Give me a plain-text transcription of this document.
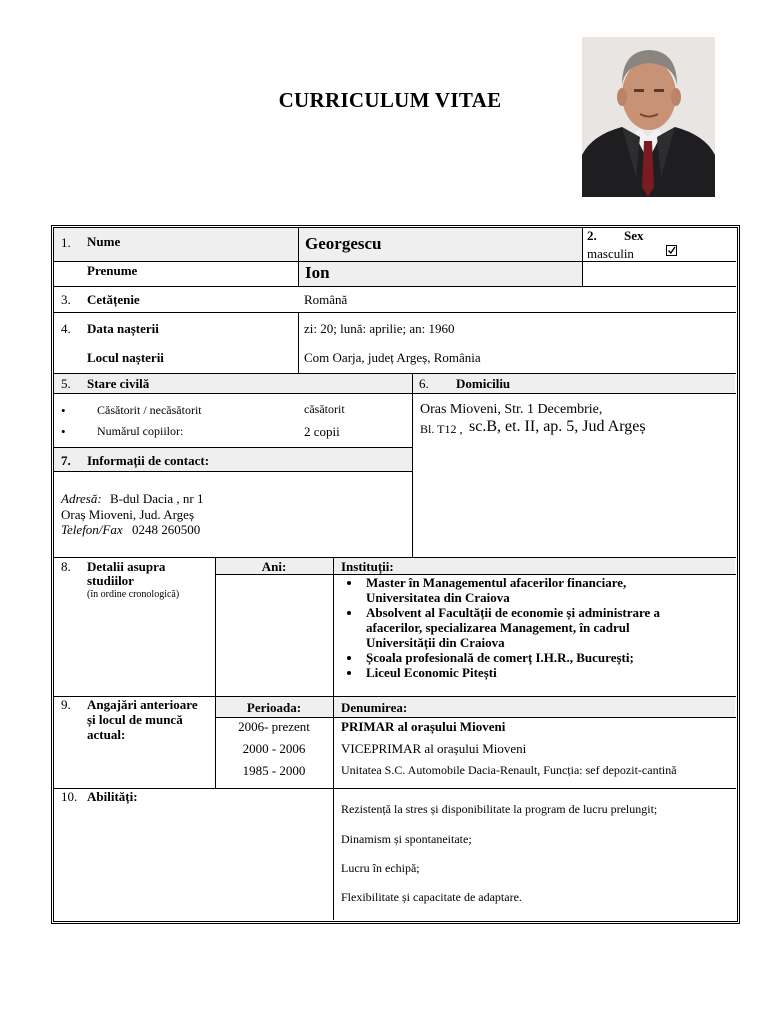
CURRICULUM VITAE
1. Nume	Georgescu	2. Sex
masculin
Prenume	Ion
3. Cetățenie	Română
4. Data nașterii	zi: 20; lună: aprilie; an: 1960
Locul nașterii	Com Oarja, județ Argeș, România
5. Stare civilă	6. Domiciliu
•	Căsătorit / necăsătorit	căsătorit
•	Numărul copiilor:	2 copii
Oras Mioveni, Str. 1 Decembrie,
Bl. T12 , sc.B, et. II, ap. 5, Jud Argeș
7. Informații de contact:
Adresă: B-dul Dacia , nr 1
Oraș Mioveni, Jud. Argeș
Telefon/Fax 0248 260500
8. Detalii asupra
studiilor
(în ordine cronologică)
Ani:	Instituții:
• Master în Managementul afacerilor financiare,
Universitatea din Craiova
• Absolvent al Facultății de economie și administrare a
afacerilor, specializarea Management, în cadrul
Universității din Craiova
• Școala profesională de comerț I.H.R., București;
• Liceul Economic Pitești
9. Angajări anterioare
și locul de muncă
actual:
Perioada:	Denumirea:
2006- prezent	PRIMAR al orașului Mioveni
2000 - 2006	VICEPRIMAR al orașului Mioveni
1985 - 2000	Unitatea S.C. Automobile Dacia-Renault, Funcția: sef depozit-cantină
10. Abilități:
Rezistență la stres și disponibilitate la program de lucru prelungit;
Dinamism și spontaneitate;
Lucru în echipă;
Flexibilitate și capacitate de adaptare.
